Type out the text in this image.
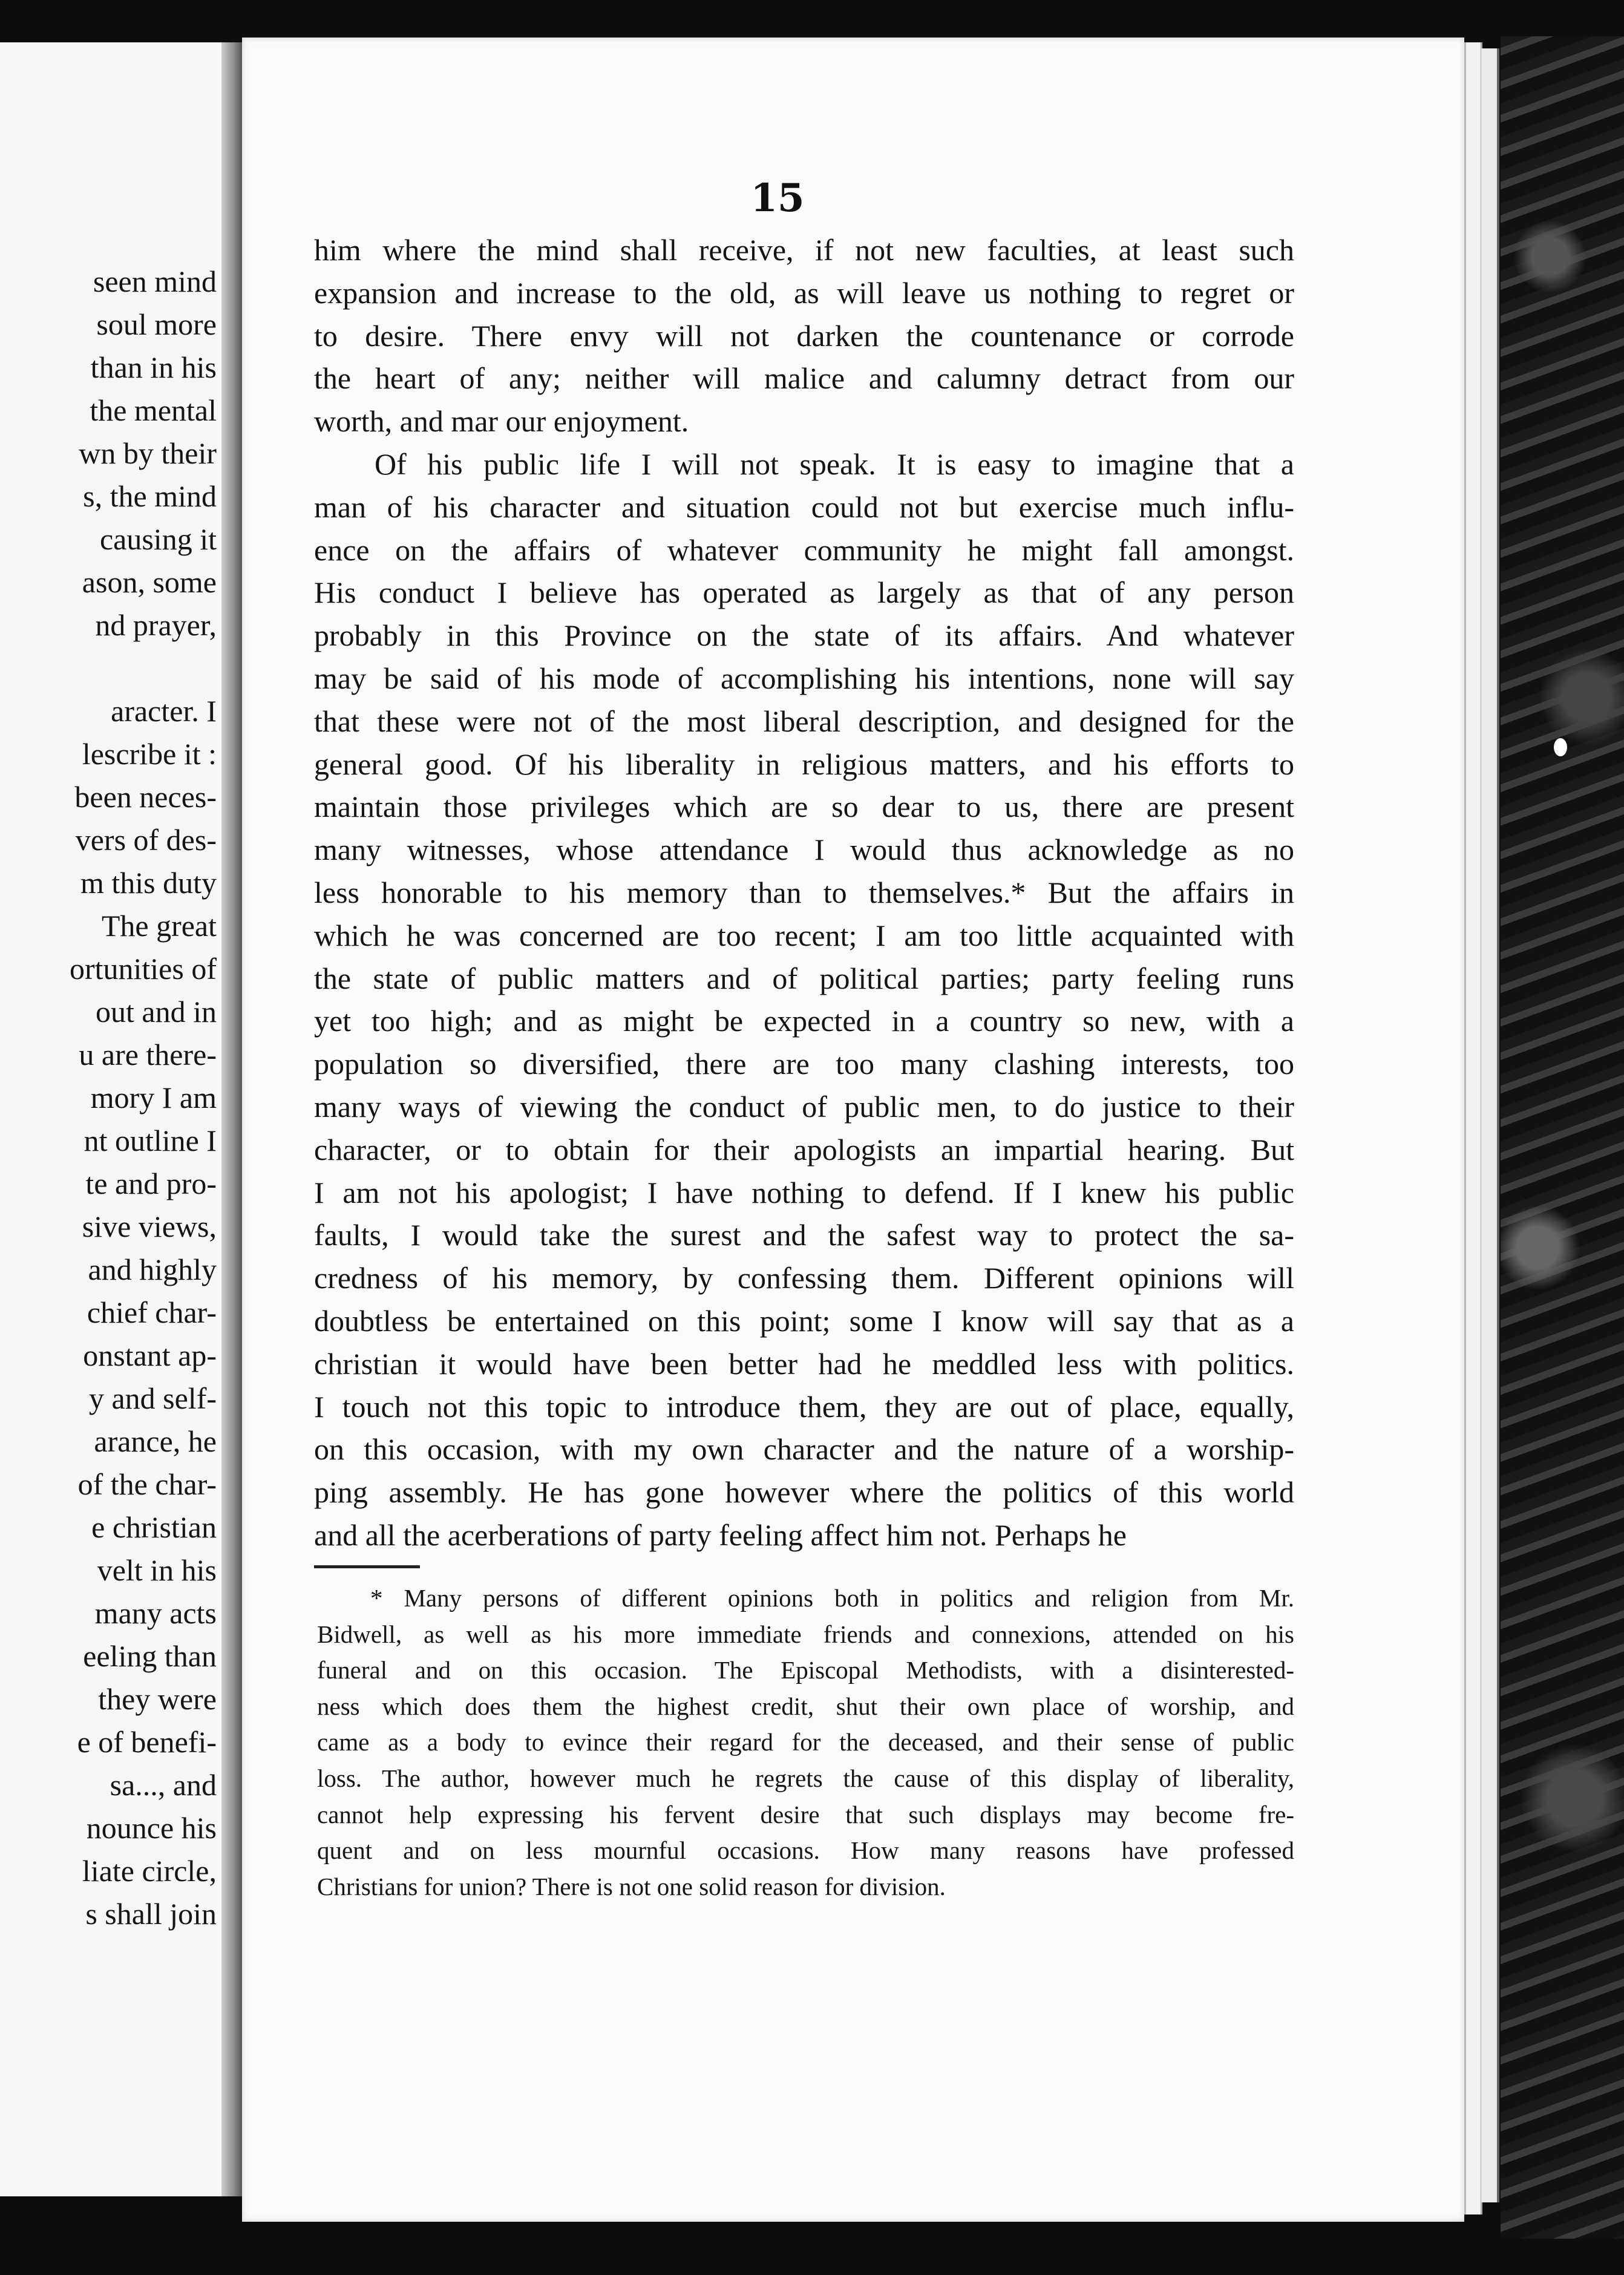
seen mind
soul more
than in his
the mental
wn by their
s, the mind
causing it
ason, some
nd prayer,
aracter. I
lescribe it :
been neces-
vers of des-
m this duty
The great
ortunities of
out and in
u are there-
mory I am
nt outline I
te and pro-
sive views,
and highly
chief char-
onstant ap-
y and self-
arance, he
of the char-
e christian
velt in his
many acts
eeling than
they were
e of benefi-
sa..., and
nounce his
liate circle,
s shall join
15
him where the mind shall receive, if not new faculties, at least such
expansion and increase to the old, as will leave us nothing to regret or
to desire. There envy will not darken the countenance or corrode
the heart of any; neither will malice and calumny detract from our
worth, and mar our enjoyment.
Of his public life I will not speak. It is easy to imagine that a
man of his character and situation could not but exercise much influ-
ence on the affairs of whatever community he might fall amongst.
His conduct I believe has operated as largely as that of any person
probably in this Province on the state of its affairs. And whatever
may be said of his mode of accomplishing his intentions, none will say
that these were not of the most liberal description, and designed for the
general good. Of his liberality in religious matters, and his efforts to
maintain those privileges which are so dear to us, there are present
many witnesses, whose attendance I would thus acknowledge as no
less honorable to his memory than to themselves.* But the affairs in
which he was concerned are too recent; I am too little acquainted with
the state of public matters and of political parties; party feeling runs
yet too high; and as might be expected in a country so new, with a
population so diversified, there are too many clashing interests, too
many ways of viewing the conduct of public men, to do justice to their
character, or to obtain for their apologists an impartial hearing. But
I am not his apologist; I have nothing to defend. If I knew his public
faults, I would take the surest and the safest way to protect the sa-
credness of his memory, by confessing them. Different opinions will
doubtless be entertained on this point; some I know will say that as a
christian it would have been better had he meddled less with politics.
I touch not this topic to introduce them, they are out of place, equally,
on this occasion, with my own character and the nature of a worship-
ping assembly. He has gone however where the politics of this world
and all the acerberations of party feeling affect him not. Perhaps he
* Many persons of different opinions both in politics and religion from Mr.
Bidwell, as well as his more immediate friends and connexions, attended on his
funeral and on this occasion. The Episcopal Methodists, with a disinterested-
ness which does them the highest credit, shut their own place of worship, and
came as a body to evince their regard for the deceased, and their sense of public
loss. The author, however much he regrets the cause of this display of liberality,
cannot help expressing his fervent desire that such displays may become fre-
quent and on less mournful occasions. How many reasons have professed
Christians for union? There is not one solid reason for division.
